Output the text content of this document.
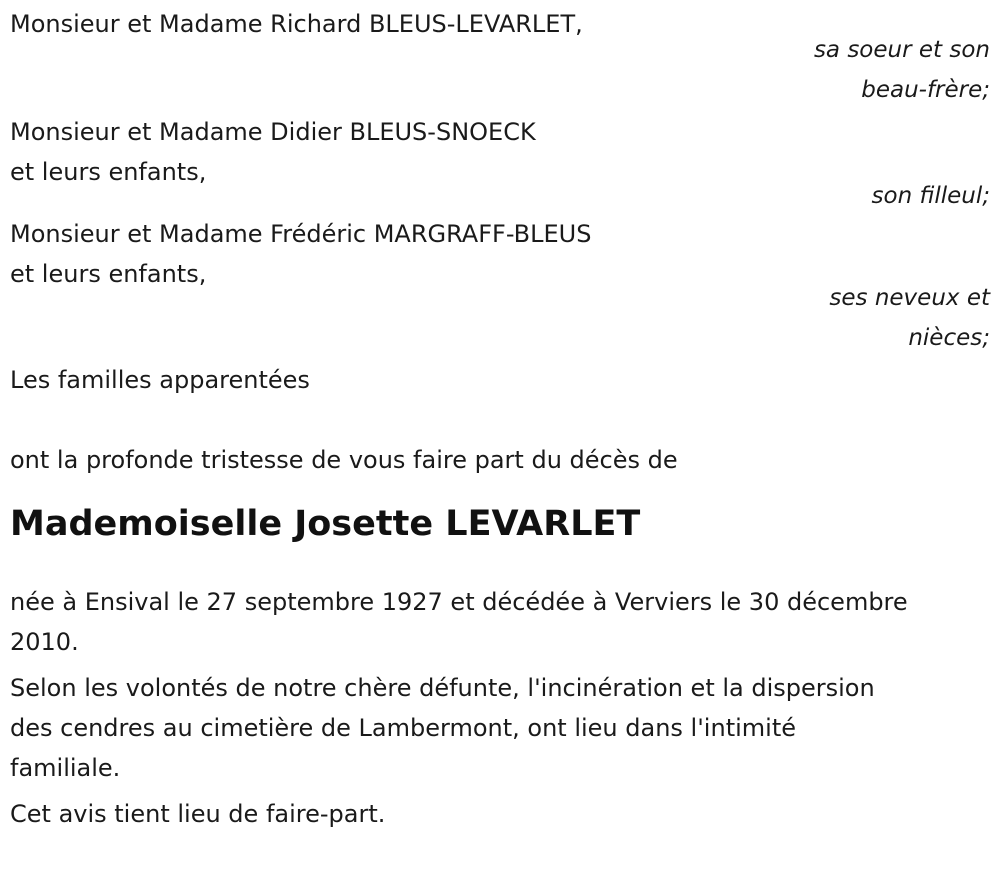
Monsieur et Madame Richard BLEUS-LEVARLET,
sa soeur et son
beau-frère;
Monsieur et Madame Didier BLEUS-SNOECK
et leurs enfants,
son filleul;
Monsieur et Madame Frédéric MARGRAFF-BLEUS
et leurs enfants,
ses neveux et
nièces;
Les familles apparentées
ont la profonde tristesse de vous faire part du décès de
Mademoiselle Josette LEVARLET
née à Ensival le 27 septembre 1927 et décédée à Verviers le 30 décembre
2010.
Selon les volontés de notre chère défunte, l'incinération et la dispersion
des cendres au cimetière de Lambermont, ont lieu dans l'intimité
familiale.
Cet avis tient lieu de faire-part.
